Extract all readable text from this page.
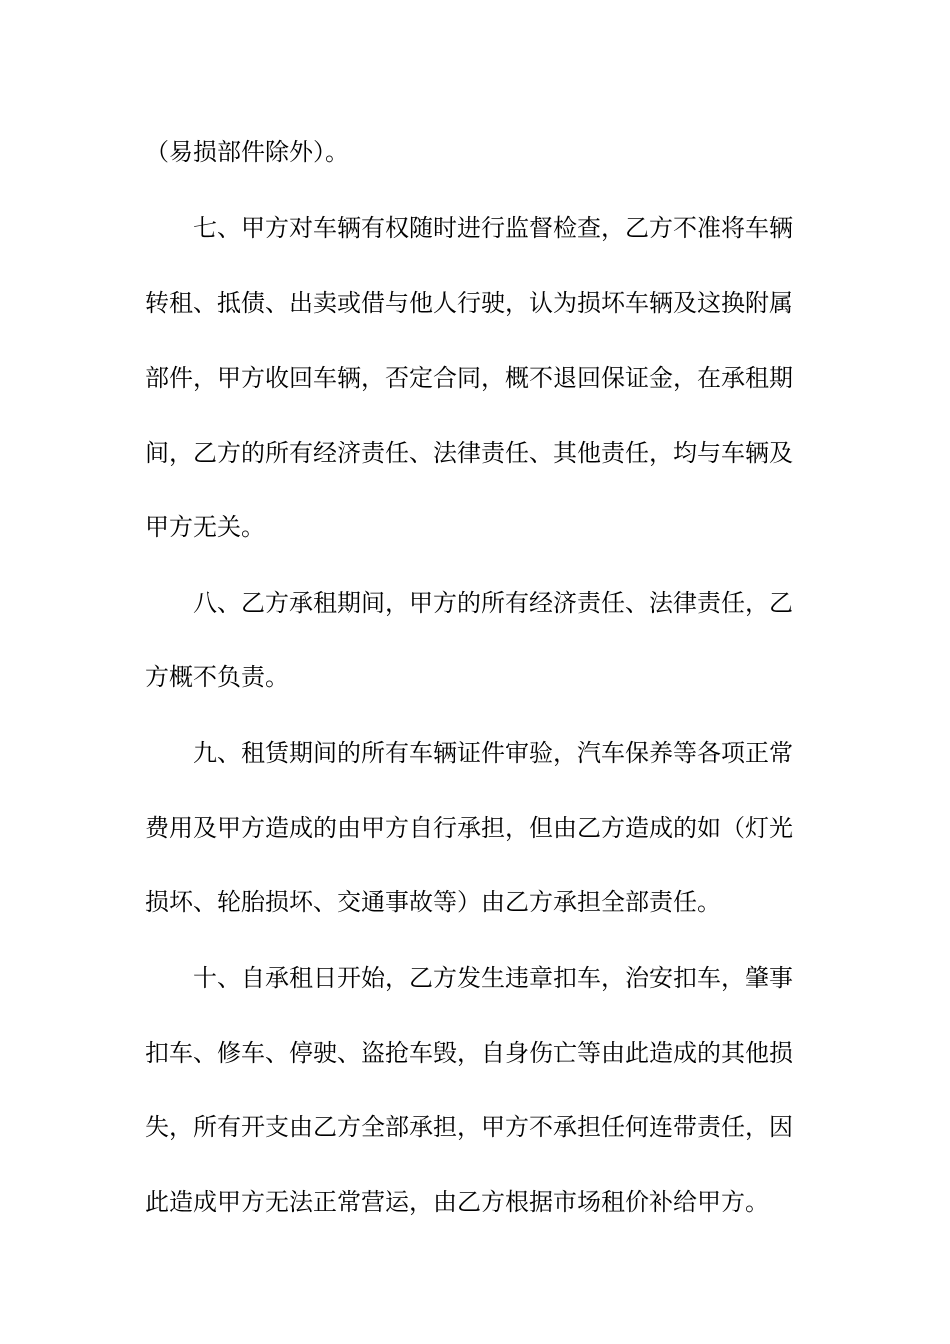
（易损部件除外）。
七、甲方对车辆有权随时进行监督检查，乙方不准将车辆
转租、抵债、出卖或借与他人行驶，认为损坏车辆及这换附属
部件，甲方收回车辆，否定合同，概不退回保证金，在承租期
间，乙方的所有经济责任、法律责任、其他责任，均与车辆及
甲方无关。
八、乙方承租期间，甲方的所有经济责任、法律责任，乙
方概不负责。
九、租赁期间的所有车辆证件审验，汽车保养等各项正常
费用及甲方造成的由甲方自行承担，但由乙方造成的如（灯光
损坏、轮胎损坏、交通事故等）由乙方承担全部责任。
十、自承租日开始，乙方发生违章扣车，治安扣车，肇事
扣车、修车、停驶、盗抢车毁，自身伤亡等由此造成的其他损
失，所有开支由乙方全部承担，甲方不承担任何连带责任，因
此造成甲方无法正常营运，由乙方根据市场租价补给甲方。
